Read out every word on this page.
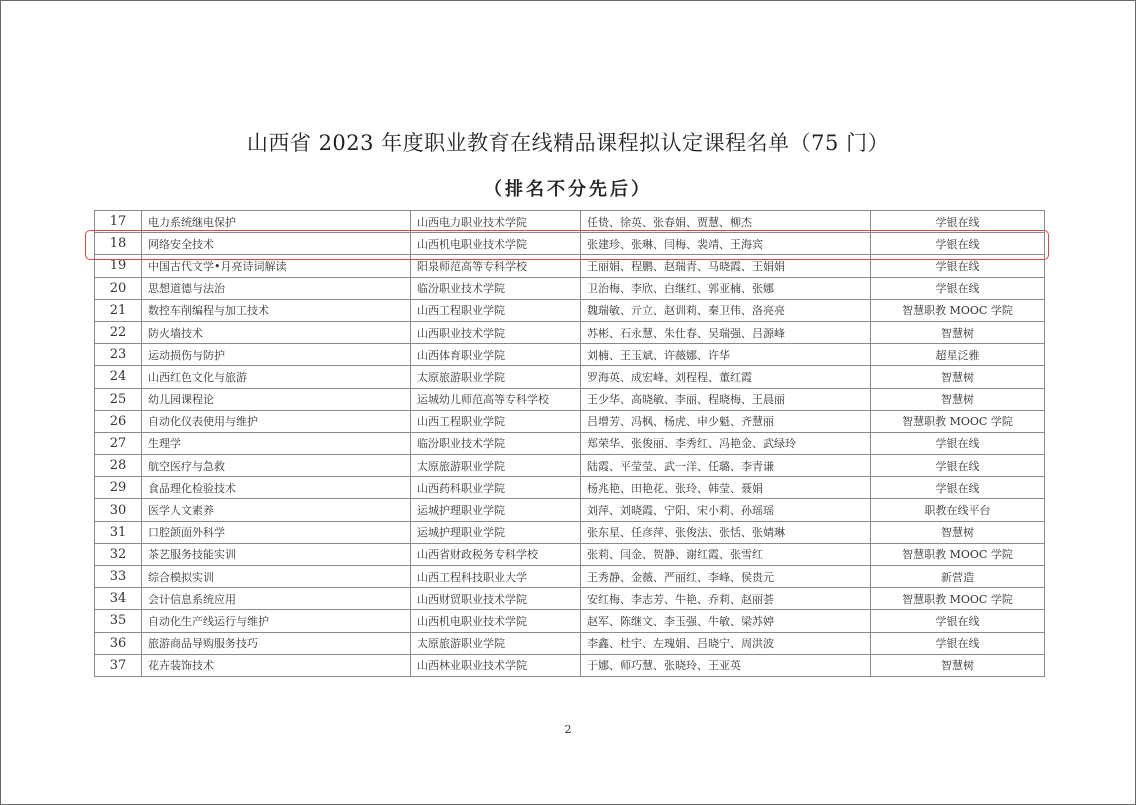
山西省 2023 年度职业教育在线精品课程拟认定课程名单（75 门）
（排名不分先后）
17	电力系统继电保护	山西电力职业技术学院	任贽、徐英、张春娟、贾慧、柳杰	学银在线
18	网络安全技术	山西机电职业技术学院	张建珍、张琳、闫梅、裴靖、王海宾	学银在线
19	中国古代文学•月亮诗词解读	阳泉师范高等专科学校	王丽娟、程鹏、赵瑞青、马晓霞、王娟娟	学银在线
20	思想道德与法治	临汾职业技术学院	卫治梅、李欣、白继红、郭亚楠、张娜	学银在线
21	数控车削编程与加工技术	山西工程职业学院	魏瑞敏、亓立、赵训莉、秦卫伟、洛亮亮	智慧职教 MOOC 学院
22	防火墙技术	山西职业技术学院	苏彬、石永慧、朱仕春、吴瑞强、吕源峰	智慧树
23	运动损伤与防护	山西体育职业学院	刘楠、王玉斌、许薇娜、许华	超星泛雅
24	山西红色文化与旅游	太原旅游职业学院	罗海英、成宏峰、刘程程、董红霞	智慧树
25	幼儿园课程论	运城幼儿师范高等专科学校	王少华、高晓敏、李丽、程晓梅、王晨丽	智慧树
26	自动化仪表使用与维护	山西工程职业学院	吕增芳、冯枫、杨虎、申少魁、齐慧丽	智慧职教 MOOC 学院
27	生理学	临汾职业技术学院	郑荣华、张俊丽、李秀红、冯艳金、武绿玲	学银在线
28	航空医疗与急救	太原旅游职业学院	陆霞、平莹莹、武一洋、任璐、李青谦	学银在线
29	食品理化检验技术	山西药科职业学院	杨兆艳、田艳花、张玲、韩莹、聂娟	学银在线
30	医学人文素养	运城护理职业学院	刘萍、刘晓霞、宁阳、宋小莉、孙瑶瑶	职教在线平台
31	口腔颌面外科学	运城护理职业学院	张东星、任彦萍、张俊法、张恬、张婧琳	智慧树
32	茶艺服务技能实训	山西省财政税务专科学校	张莉、闫金、贺静、谢红霞、张雪红	智慧职教 MOOC 学院
33	综合模拟实训	山西工程科技职业大学	王秀静、金薇、严丽红、李峰、侯贵元	新营造
34	会计信息系统应用	山西财贸职业技术学院	安红梅、李志芳、牛艳、乔莉、赵丽荟	智慧职教 MOOC 学院
35	自动化生产线运行与维护	山西机电职业技术学院	赵军、陈继文、李玉强、牛敏、梁苏婷	学银在线
36	旅游商品导购服务技巧	太原旅游职业学院	李鑫、杜宇、左瑰娟、吕晓宁、周洪波	学银在线
37	花卉装饰技术	山西林业职业技术学院	于娜、师巧慧、张晓玲、王亚英	智慧树
2
